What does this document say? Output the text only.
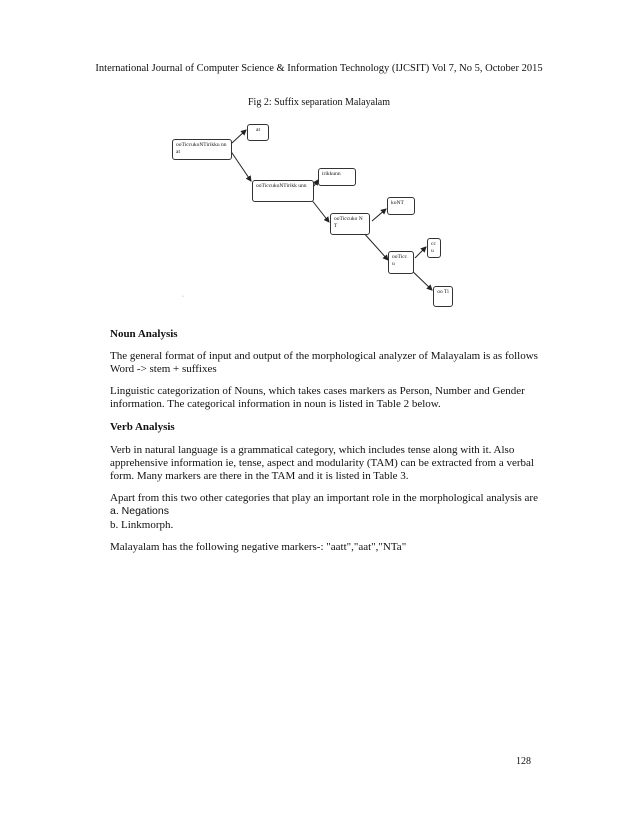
International Journal of Computer Science & Information Technology (IJCSIT) Vol 7, No 5, October 2015
Fig 2: Suffix separation Malayalam
ooTiccukoNTirikku nnat
at
ooTiccukoNTirikk unn
irikkunn
ooTiccuko NT
koNT
ooTicc u
cc u
oo Ti
·
Noun Analysis
The general format of input and output of the morphological analyzer of Malayalam is as follows
Word -> stem + suffixes
Linguistic categorization of Nouns, which takes cases markers as Person, Number and Gender
information. The categorical information in noun is listed in Table 2 below.
Verb Analysis
Verb in natural language is a grammatical category, which includes tense along with it. Also
apprehensive information ie, tense, aspect and modularity (TAM) can be extracted from a verbal
form. Many markers are there in the TAM and it is listed in Table 3.
Apart from this two other categories that play an important role in the morphological analysis are
a. Negations
b. Linkmorph.
Malayalam has the following negative markers-: "aatt","aat","NTa"
128
